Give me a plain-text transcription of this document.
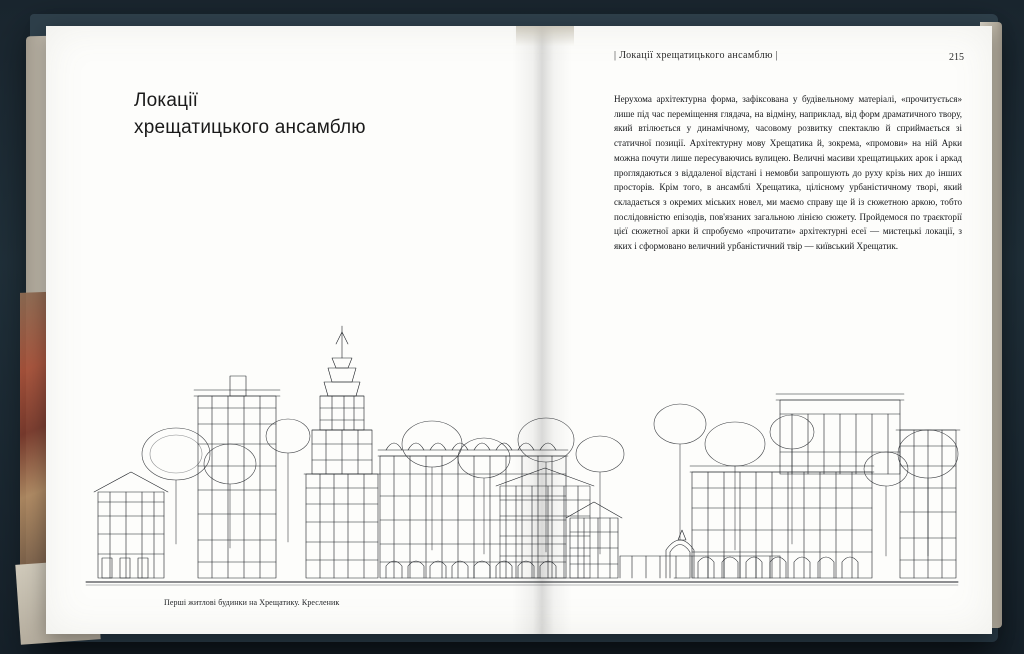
Локації
хрещатицького ансамблю
Перші житлові будинки на Хрещатику. Кресленик
| Локації хрещатицького ансамблю |	215
Нерухома архітектурна форма, зафіксована у будівельному матеріалі, «прочитується» лише під час переміщення глядача, на відміну, наприклад, від форм драматичного твору, який втілюється у динамічному, часовому розвитку спектаклю й сприймається зі статичної позиції. Архітектурну мову Хрещатика й, зокрема, «промови» на ній Арки можна почути лише пересуваючись вулицею. Величні масиви хрещатицьких арок і аркад проглядаються з віддаленої відстані і немовби запрошують до руху крізь них до інших просторів. Крім того, в ансамблі Хрещатика, цілісному урбаністичному творі, який складається з окремих міських новел, ми маємо справу ще й із сюжетною аркою, тобто послідовністю епізодів, пов'язаних загальною лінією сюжету. Пройдемося по траєкторії цієї сюжетної арки й спробуємо «прочитати» архітектурні есеї — мистецькі локації, з яких і сформовано величний урбаністичний твір — київський Хрещатик.
